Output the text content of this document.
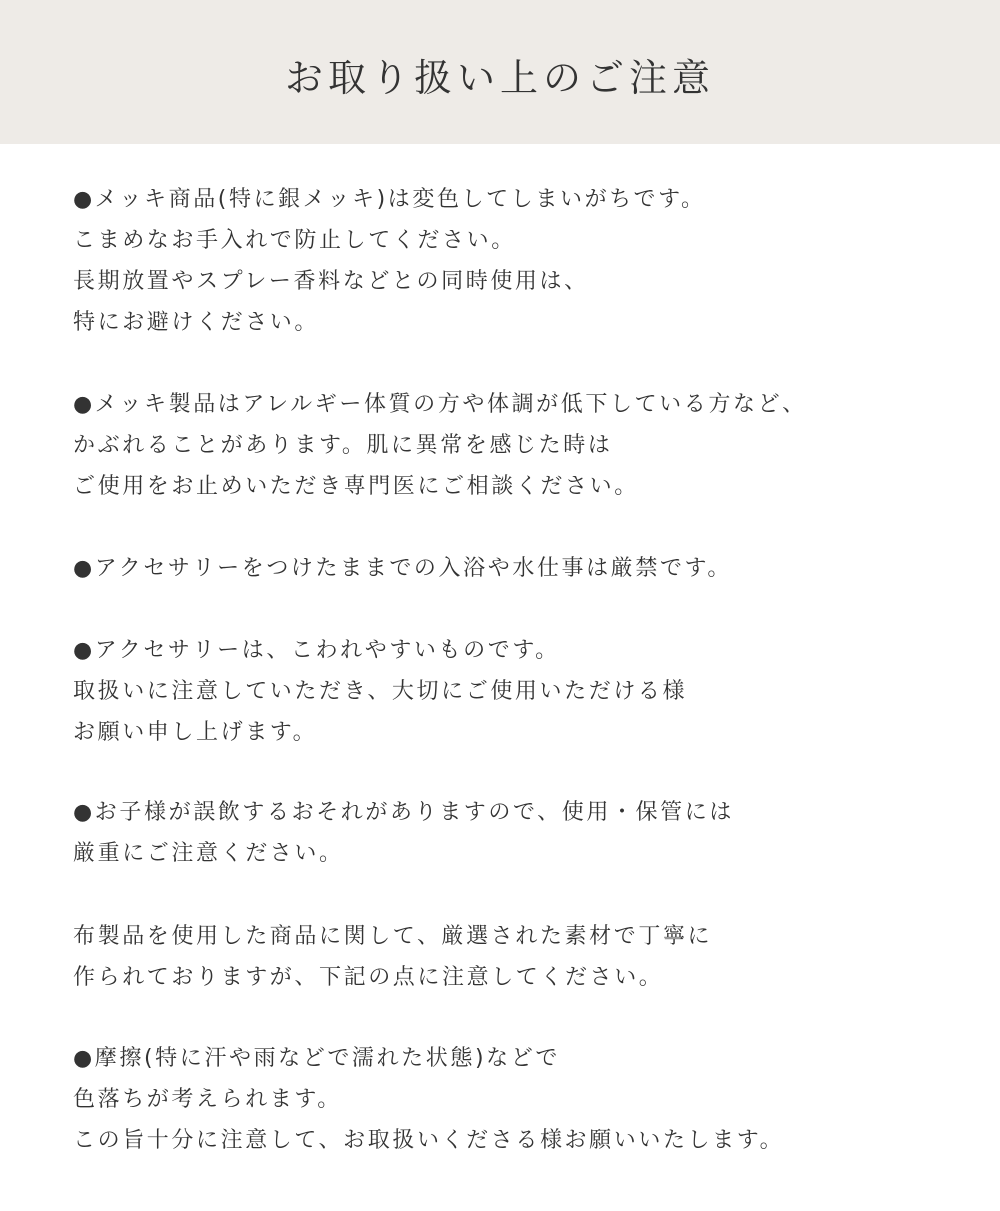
お取り扱い上のご注意

●メッキ商品(特に銀メッキ)は変色してしまいがちです。
こまめなお手入れで防止してください。
長期放置やスプレー香料などとの同時使用は、
特にお避けください。

●メッキ製品はアレルギー体質の方や体調が低下している方など、
かぶれることがあります。肌に異常を感じた時は
ご使用をお止めいただき専門医にご相談ください。

●アクセサリーをつけたままでの入浴や水仕事は厳禁です。

●アクセサリーは、こわれやすいものです。
取扱いに注意していただき、大切にご使用いただける様
お願い申し上げます。

●お子様が誤飲するおそれがありますので、使用・保管には
厳重にご注意ください。

布製品を使用した商品に関して、厳選された素材で丁寧に
作られておりますが、下記の点に注意してください。

●摩擦(特に汗や雨などで濡れた状態)などで
色落ちが考えられます。
この旨十分に注意して、お取扱いくださる様お願いいたします。
